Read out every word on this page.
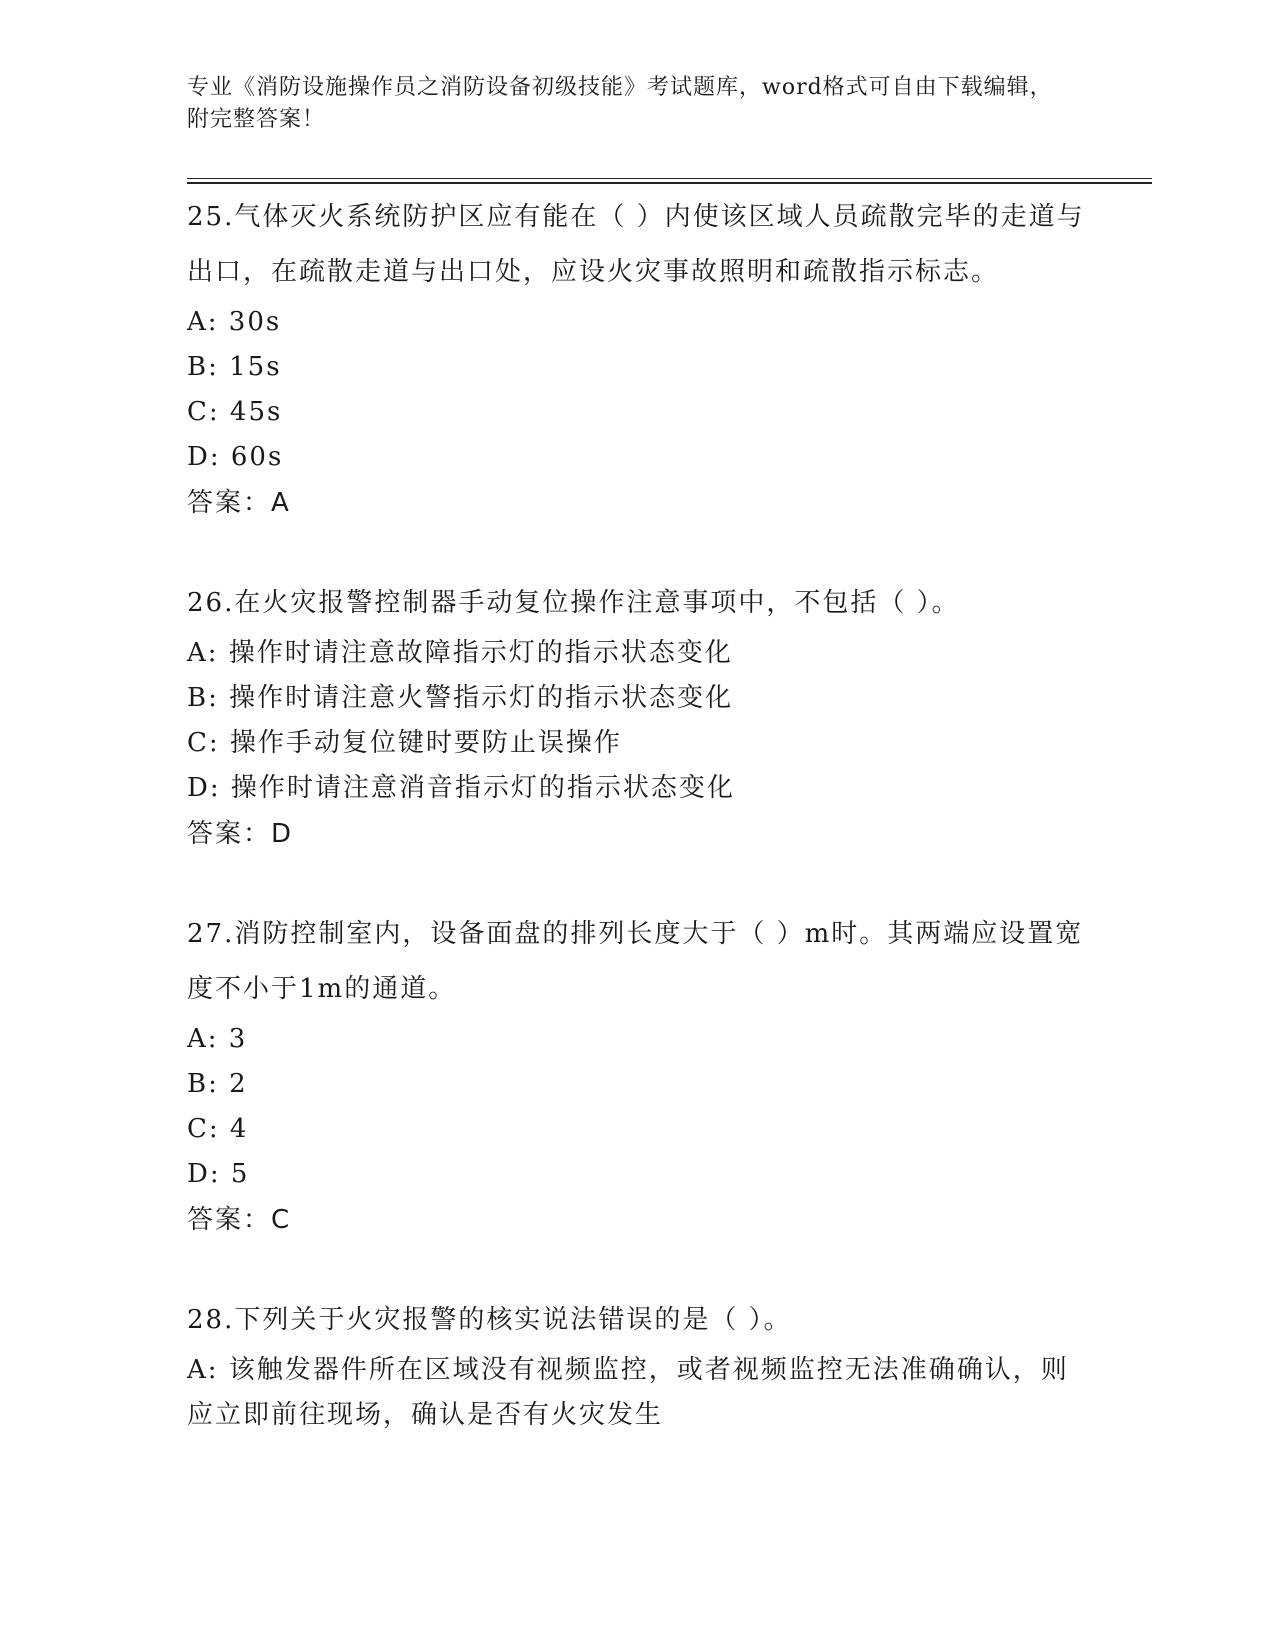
专业《消防设施操作员之消防设备初级技能》考试题库，word格式可自由下载编辑，附完整答案！

25.气体灭火系统防护区应有能在（ ）内使该区域人员疏散完毕的走道与出口，在疏散走道与出口处，应设火灾事故照明和疏散指示标志。

A: 30s

B: 15s

C: 45s

D: 60s

答案：A

26.在火灾报警控制器手动复位操作注意事项中，不包括（ ）。

A: 操作时请注意故障指示灯的指示状态变化

B: 操作时请注意火警指示灯的指示状态变化

C: 操作手动复位键时要防止误操作

D: 操作时请注意消音指示灯的指示状态变化

答案：D

27.消防控制室内，设备面盘的排列长度大于（ ）m时。其两端应设置宽度不小于1m的通道。

A: 3

B: 2

C: 4

D: 5

答案：C

28.下列关于火灾报警的核实说法错误的是（ ）。

A: 该触发器件所在区域没有视频监控，或者视频监控无法准确确认，则应立即前往现场，确认是否有火灾发生
